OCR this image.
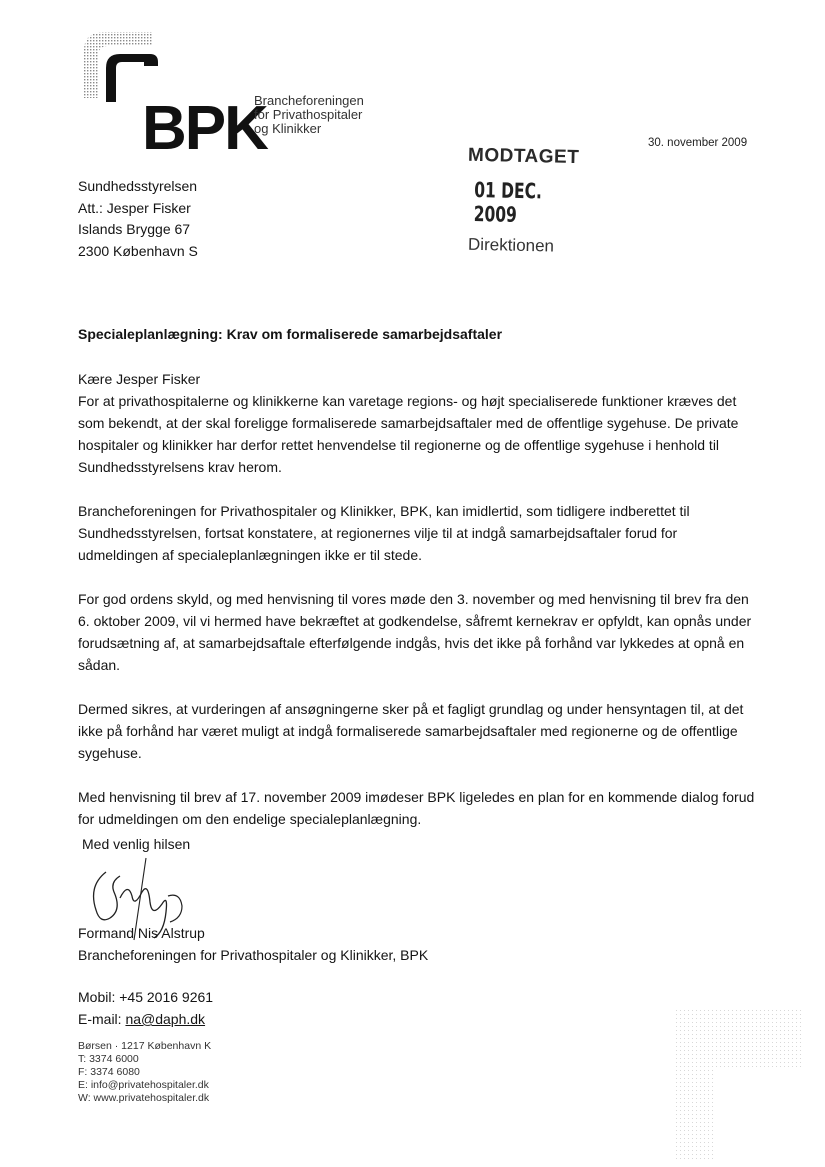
BPK
Brancheforeningen
for Privathospitaler
og Klinikker
30. november 2009
MODTAGET
01 DEC. 2009
Direktionen
Sundhedsstyrelsen
Att.: Jesper Fisker
Islands Brygge 67
2300 København S
Specialeplanlægning: Krav om formaliserede samarbejdsaftaler

Kære Jesper Fisker

For at privathospitalerne og klinikkerne kan varetage regions- og højt specialiserede funktioner kræves det som bekendt, at der skal foreligge formaliserede samarbejdsaftaler med de offentlige sygehuse. De private hospitaler og klinikker har derfor rettet henvendelse til regionerne og de offentlige sygehuse i henhold til Sundhedsstyrelsens krav herom.

Brancheforeningen for Privathospitaler og Klinikker, BPK, kan imidlertid, som tidligere indberettet til Sundhedsstyrelsen, fortsat konstatere, at regionernes vilje til at indgå samarbejdsaftaler forud for udmeldingen af specialeplanlægningen ikke er til stede.

For god ordens skyld, og med henvisning til vores møde den 3. november og med henvisning til brev fra den 6. oktober 2009, vil vi hermed have bekræftet at godkendelse, såfremt kernekrav er opfyldt, kan opnås under forudsætning af, at samarbejdsaftale efterfølgende indgås, hvis det ikke på forhånd var lykkedes at opnå en sådan.

Dermed sikres, at vurderingen af ansøgningerne sker på et fagligt grundlag og under hensyntagen til, at det ikke på forhånd har været muligt at indgå formaliserede samarbejdsaftaler med regionerne og de offentlige sygehuse.

Med henvisning til brev af 17. november 2009 imødeser BPK ligeledes en plan for en kommende dialog forud for udmeldingen om den endelige specialeplanlægning.

Med venlig hilsen
Formand Nis Alstrup
Brancheforeningen for Privathospitaler og Klinikker, BPK
Mobil: +45 2016 9261
E-mail: na@daph.dk
Børsen · 1217 København K
T: 3374 6000
F: 3374 6080
E: info@privatehospitaler.dk
W: www.privatehospitaler.dk
